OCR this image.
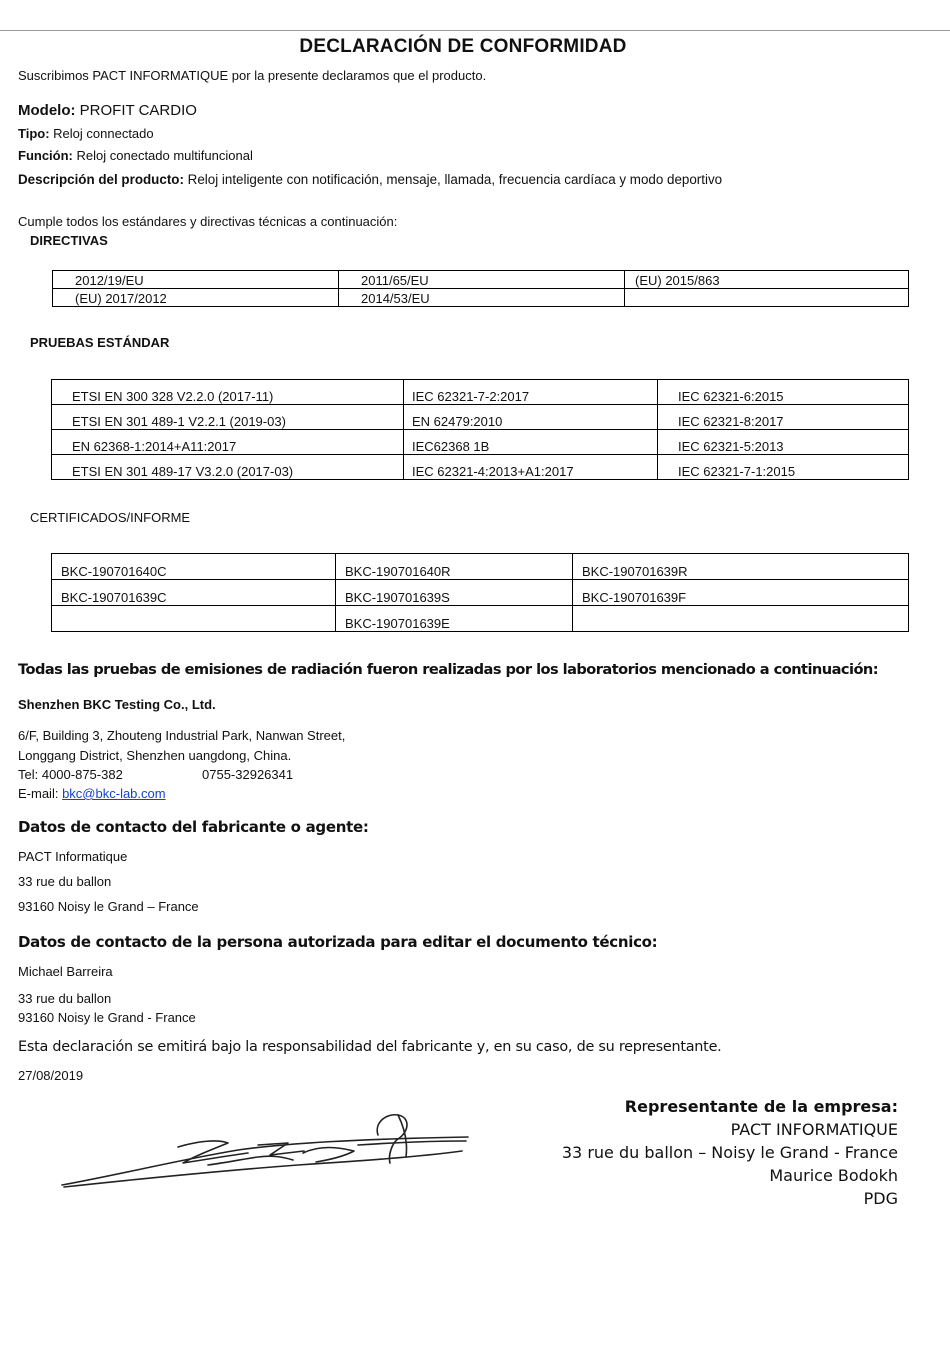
DECLARACIÓN DE CONFORMIDAD
Suscribimos PACT INFORMATIQUE por la presente declaramos que el producto.
Modelo: PROFIT CARDIO
Tipo: Reloj connectado
Función: Reloj conectado multifuncional
Descripción del producto: Reloj inteligente con notificación, mensaje, llamada, frecuencia cardíaca y modo deportivo
Cumple todos los estándares y directivas técnicas a continuación:
DIRECTIVAS
2012/19/EU	2011/65/EU	(EU) 2015/863
(EU) 2017/2012	2014/53/EU	
PRUEBAS ESTÁNDAR
ETSI EN 300 328 V2.2.0 (2017-11)	IEC 62321-7-2:2017	IEC 62321-6:2015
ETSI EN 301 489-1 V2.2.1 (2019-03)	EN 62479:2010	IEC 62321-8:2017
EN 62368-1:2014+A11:2017	IEC62368 1B	IEC 62321-5:2013
ETSI EN 301 489-17 V3.2.0 (2017-03)	IEC 62321-4:2013+A1:2017	IEC 62321-7-1:2015
CERTIFICADOS/INFORME
BKC-190701640C	BKC-190701640R	BKC-190701639R
BKC-190701639C	BKC-190701639S	BKC-190701639F
	BKC-190701639E	
Todas las pruebas de emisiones de radiación fueron realizadas por los laboratorios mencionado a continuación:
Shenzhen BKC Testing Co., Ltd.
6/F, Building 3, Zhouteng Industrial Park, Nanwan Street,
Longgang District, Shenzhen uangdong, China.
Tel: 4000-875-382	0755-32926341
E-mail: bkc@bkc-lab.com
Datos de contacto del fabricante o agente:
PACT Informatique
33 rue du ballon
93160 Noisy le Grand – France
Datos de contacto de la persona autorizada para editar el documento técnico:
Michael Barreira
33 rue du ballon
93160 Noisy le Grand - France
Esta declaración se emitirá bajo la responsabilidad del fabricante y, en su caso, de su representante.
27/08/2019
Representante de la empresa:
PACT INFORMATIQUE
33 rue du ballon – Noisy le Grand - France
Maurice Bodokh
PDG
